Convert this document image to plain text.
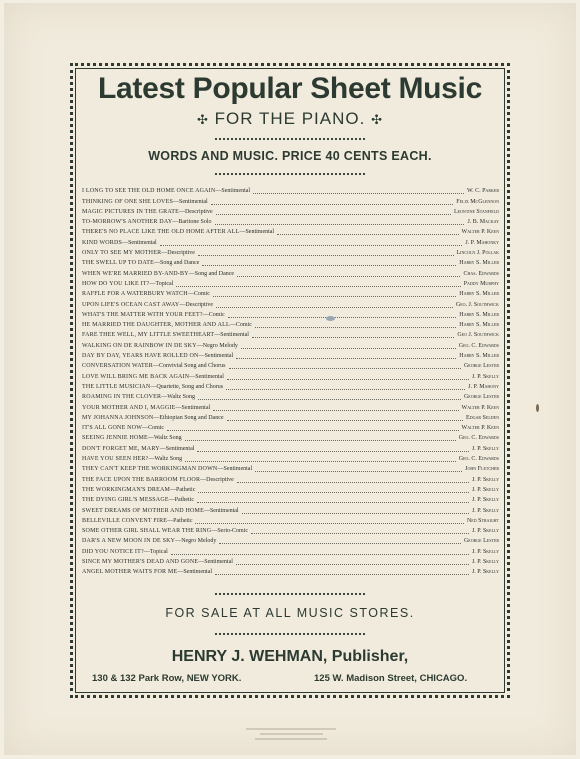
Latest Popular Sheet Music
✣ FOR THE PIANO. ✣
WORDS AND MUSIC. PRICE 40 CENTS EACH.
I LONG TO SEE THE OLD HOME ONCE AGAIN —Sentimental	W. C. Parker
THINKING OF ONE SHE LOVES —Sentimental	Felix McGlennon
MAGIC PICTURES IN THE GRATE —Descriptive	Leontine Stanfield
TO-MORROW'S ANOTHER DAY —Baritone Solo	J. B. Mackay
THERE'S NO PLACE LIKE THE OLD HOME AFTER ALL —Sentimental	Walter P. Keen
KIND WORDS —Sentimental	J. P. Mahonky
ONLY TO SEE MY MOTHER —Descriptive	Lincoln J. Pollak
THE SWELL UP TO DATE —Song and Dance	Harry S. Miller
WHEN WE'RE MARRIED BY-AND-BY —Song and Dance	Chas. Edwards
HOW DO YOU LIKE IT? —Topical	Paddy Murphy
RAFFLE FOR A WATERBURY WATCH —Comic	Harry S. Miller
UPON LIFE'S OCEAN CAST AWAY —Descriptive	Geo. J. Southwick
WHAT'S THE MATTER WITH YOUR FEET? —Comic	Harry S. Miller
HE MARRIED THE DAUGHTER, MOTHER AND ALL —Comic	Harry S. Miller
FARE THEE WELL, MY LITTLE SWEETHEART —Sentimental	Geo J. Southwick
WALKING ON DE RAINBOW IN DE SKY —Negro Melody	Geo. C. Edwards
DAY BY DAY, YEARS HAVE ROLLED ON —Sentimental	Harry S. Miller
CONVERSATION WATER —Convivial Song and Chorus	George Lester
LOVE WILL BRING ME BACK AGAIN —Sentimental	J. P. Skelly
THE LITTLE MUSICIAN —Quartette, Song and Chorus	J. P. Mahony
ROAMING IN THE CLOVER —Waltz Song	George Lester
YOUR MOTHER AND I, MAGGIE —Sentimental	Walter P. Keen
MY JOHANNA JOHNSON —Ethiopian Song and Dance	Edgar Selden
IT'S ALL GONE NOW —Comic	Walter P. Keen
SEEING JENNIE HOME —Waltz Song	Geo. C. Edwards
DON'T FORGET ME, MARY —Sentimental	J. P. Skelly
HAVE YOU SEEN HER? —Waltz Song	Geo. C. Edwards
THEY CAN'T KEEP THE WORKINGMAN DOWN —Sentimental	John Fletcher
THE FACE UPON THE BARROOM FLOOR —Descriptive	J. P. Skelly
THE WORKINGMAN'S DREAM —Pathetic	J. P. Skelly
THE DYING GIRL'S MESSAGE —Pathetic	J. P. Skelly
SWEET DREAMS OF MOTHER AND HOME —Sentimental	J. P. Skelly
BELLEVILLE CONVENT FIRE —Pathetic	Ned Straight
SOME OTHER GIRL SHALL WEAR THE RING —Serio-Comic	J. P. Skelly
DAR'S A NEW MOON IN DE SKY —Negro Melody	George Lester
DID YOU NOTICE IT? —Topical	J. P. Skelly
SINCE MY MOTHER'S DEAD AND GONE —Sentimental	J. P. Skelly
ANGEL MOTHER WAITS FOR ME —Sentimental	J. P. Skelly
FOR SALE AT ALL MUSIC STORES.
HENRY J. WEHMAN, Publisher,
130 & 132 Park Row, NEW YORK.	125 W. Madison Street, CHICAGO.
